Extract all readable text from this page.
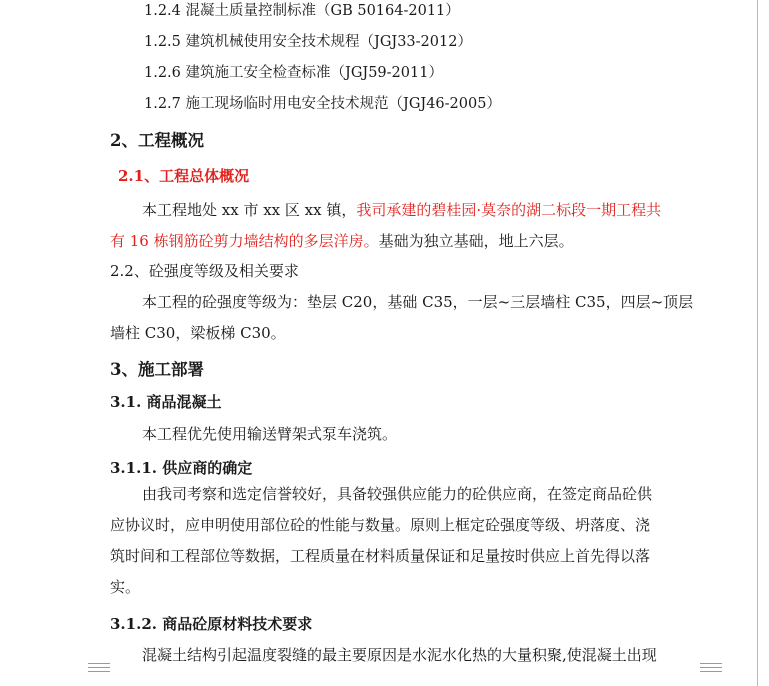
1.2.4 混凝土质量控制标准（GB 50164-2011）
1.2.5 建筑机械使用安全技术规程（JGJ33-2012）
1.2.6 建筑施工安全检查标准（JGJ59-2011）
1.2.7 施工现场临时用电安全技术规范（JGJ46-2005）
2、工程概况
2.1、工程总体概况
本工程地处 xx 市 xx 区 xx 镇，我司承建的碧桂园·莫奈的湖二标段一期工程共
有 16 栋钢筋砼剪力墙结构的多层洋房。基础为独立基础，地上六层。
2.2、砼强度等级及相关要求
本工程的砼强度等级为：垫层 C20，基础 C35，一层~三层墙柱 C35，四层~顶层
墙柱 C30，梁板梯 C30。
3、施工部署
3.1. 商品混凝土
本工程优先使用输送臂架式泵车浇筑。
3.1.1. 供应商的确定
由我司考察和选定信誉较好，具备较强供应能力的砼供应商，在签定商品砼供
应协议时，应申明使用部位砼的性能与数量。原则上框定砼强度等级、坍落度、浇
筑时间和工程部位等数据，工程质量在材料质量保证和足量按时供应上首先得以落
实。
3.1.2. 商品砼原材料技术要求
混凝土结构引起温度裂缝的最主要原因是水泥水化热的大量积聚,使混凝土出现
